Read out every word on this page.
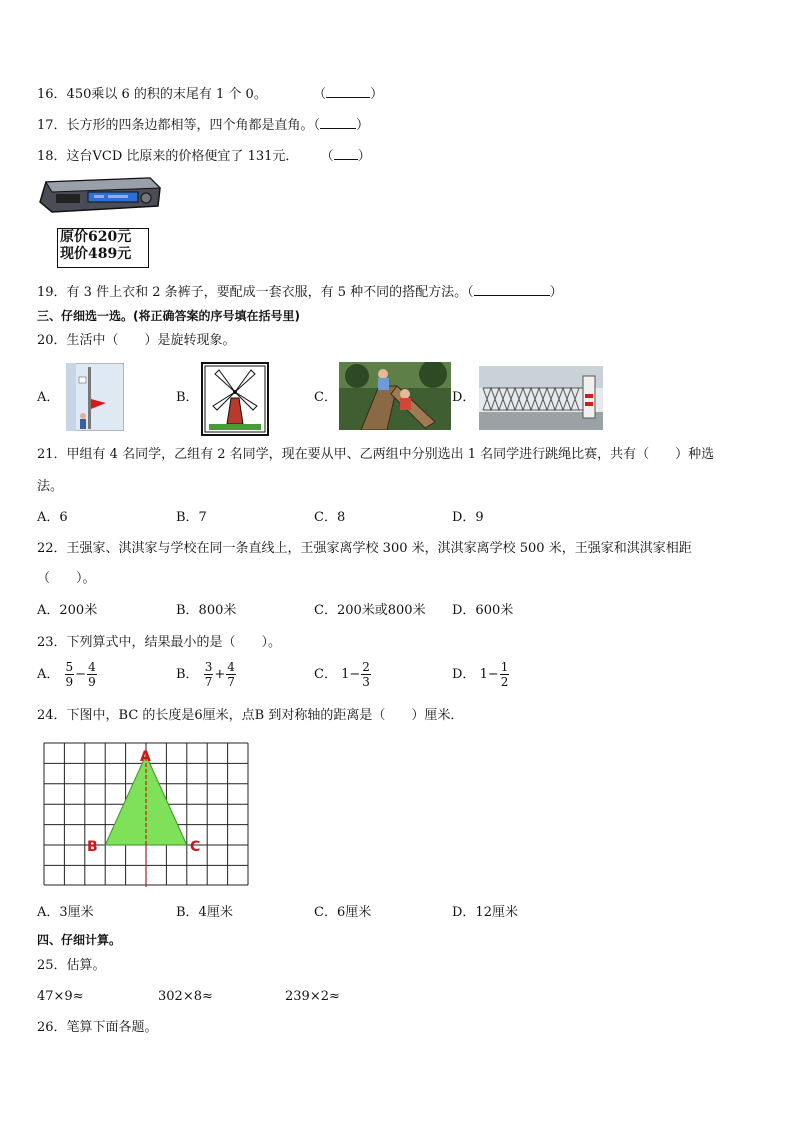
16．450乘以 6 的积的末尾有 1 个 0。	（	）
17．长方形的四条边都相等，四个角都是直角。（	）
18．这台VCD 比原来的价格便宜了 131元． （ ）
原价620元
现价489元
19．有 3 件上衣和 2 条裤子，要配成一套衣服，有 5 种不同的搭配方法。（	）
三、仔细选一选。(将正确答案的序号填在括号里)
20．生活中（　　）是旋转现象。
A．	B．	C．	D．
21．甲组有 4 名同学，乙组有 2 名同学，现在要从甲、乙两组中分别选出 1 名同学进行跳绳比赛，共有（　　）种选
法。
A．6	B．7	C．8	D．9
22．王强家、淇淇家与学校在同一条直线上，王强家离学校 300 米，淇淇家离学校 500 米，王强家和淇淇家相距
（　　）。
A．200米	B．800米	C．200米或800米 D．600米
23．下列算式中，结果最小的是（　　）。
A． $\frac{5}{9} - \frac{4}{9}$	B． $\frac{3}{7} + \frac{4}{7}$	C． $1- \frac{2}{3}$	D． $1- \frac{1}{2}$
24．下图中，BC 的长度是6厘米，点B 到对称轴的距离是（　　）厘米．
A
B	C
A．3厘米	B．4厘米	C．6厘米	D．12厘米
四、仔细计算。
25．估算。
47×9≈	302×8≈	239×2≈
26．笔算下面各题。
